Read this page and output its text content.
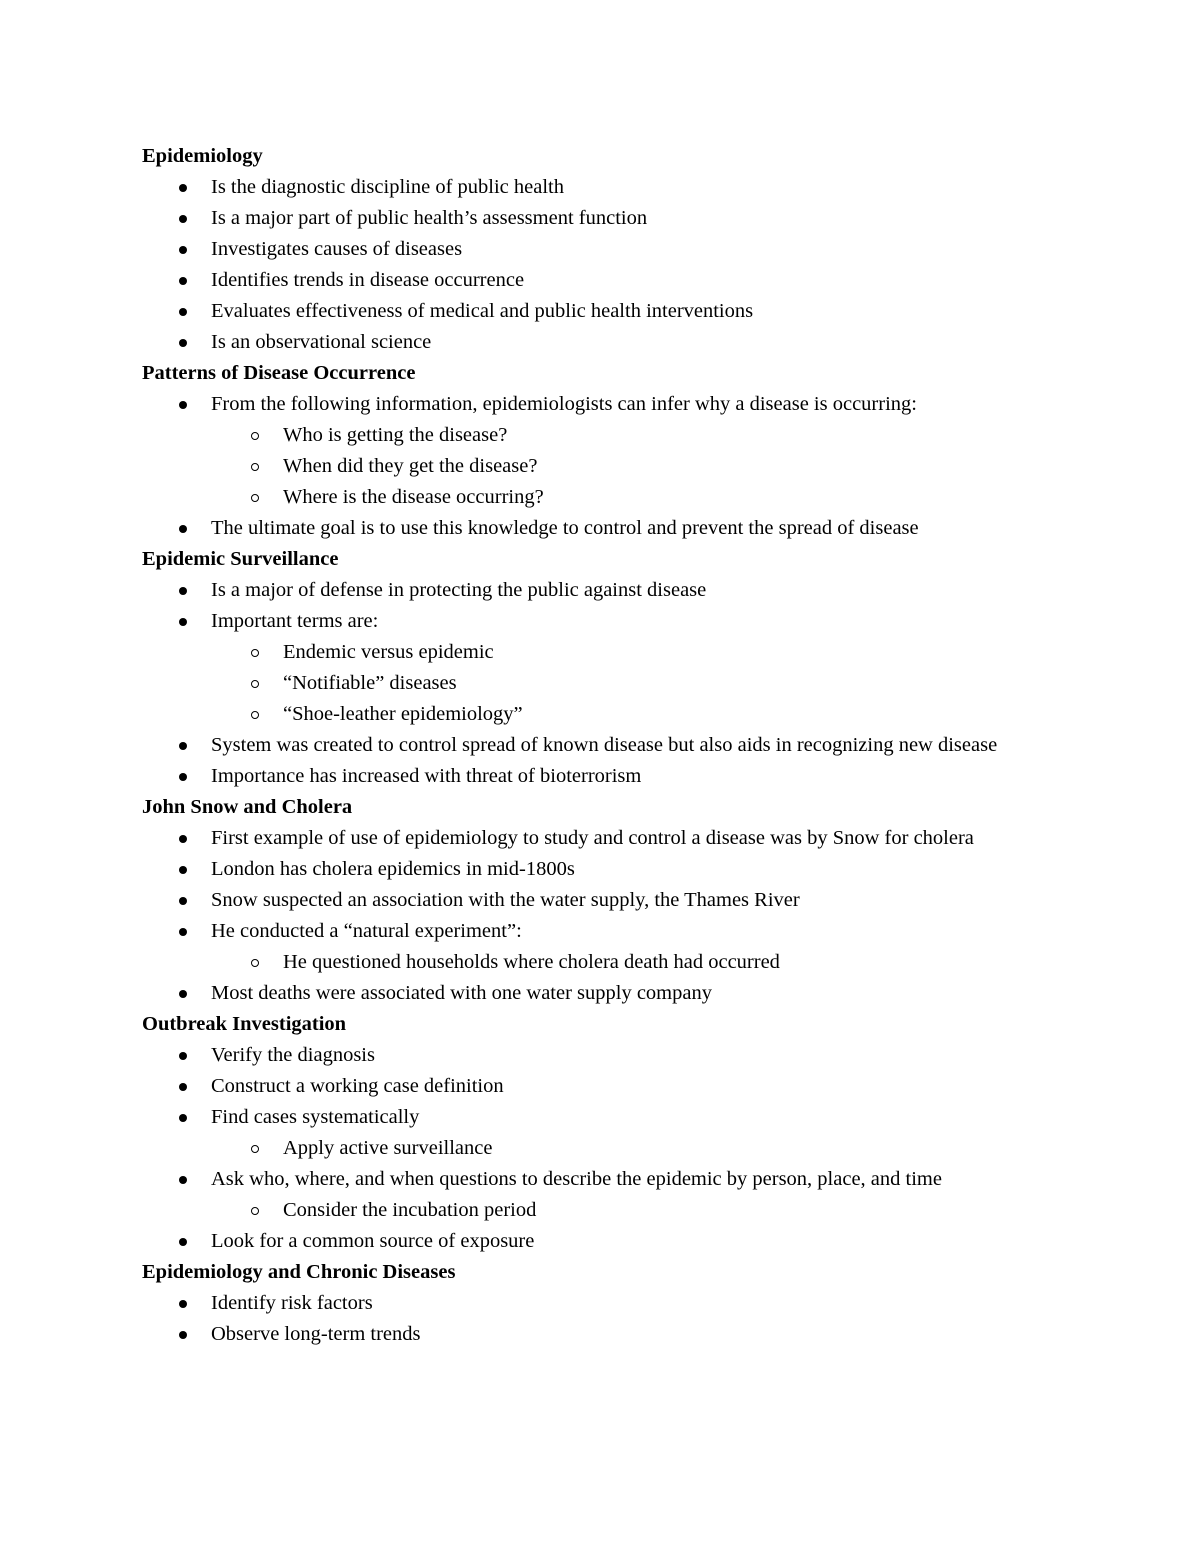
Epidemiology
Is the diagnostic discipline of public health
Is a major part of public health’s assessment function
Investigates causes of diseases
Identifies trends in disease occurrence
Evaluates effectiveness of medical and public health interventions
Is an observational science
Patterns of Disease Occurrence
From the following information, epidemiologists can infer why a disease is occurring:
Who is getting the disease?
When did they get the disease?
Where is the disease occurring?
The ultimate goal is to use this knowledge to control and prevent the spread of disease
Epidemic Surveillance
Is a major of defense in protecting the public against disease
Important terms are:
Endemic versus epidemic
“Notifiable” diseases
“Shoe-leather epidemiology”
System was created to control spread of known disease but also aids in recognizing new disease
Importance has increased with threat of bioterrorism
John Snow and Cholera
First example of use of epidemiology to study and control a disease was by Snow for cholera
London has cholera epidemics in mid-1800s
Snow suspected an association with the water supply, the Thames River
He conducted a “natural experiment”:
He questioned households where cholera death had occurred
Most deaths were associated with one water supply company
Outbreak Investigation
Verify the diagnosis
Construct a working case definition
Find cases systematically
Apply active surveillance
Ask who, where, and when questions to describe the epidemic by person, place, and time
Consider the incubation period
Look for a common source of exposure
Epidemiology and Chronic Diseases
Identify risk factors
Observe long-term trends
